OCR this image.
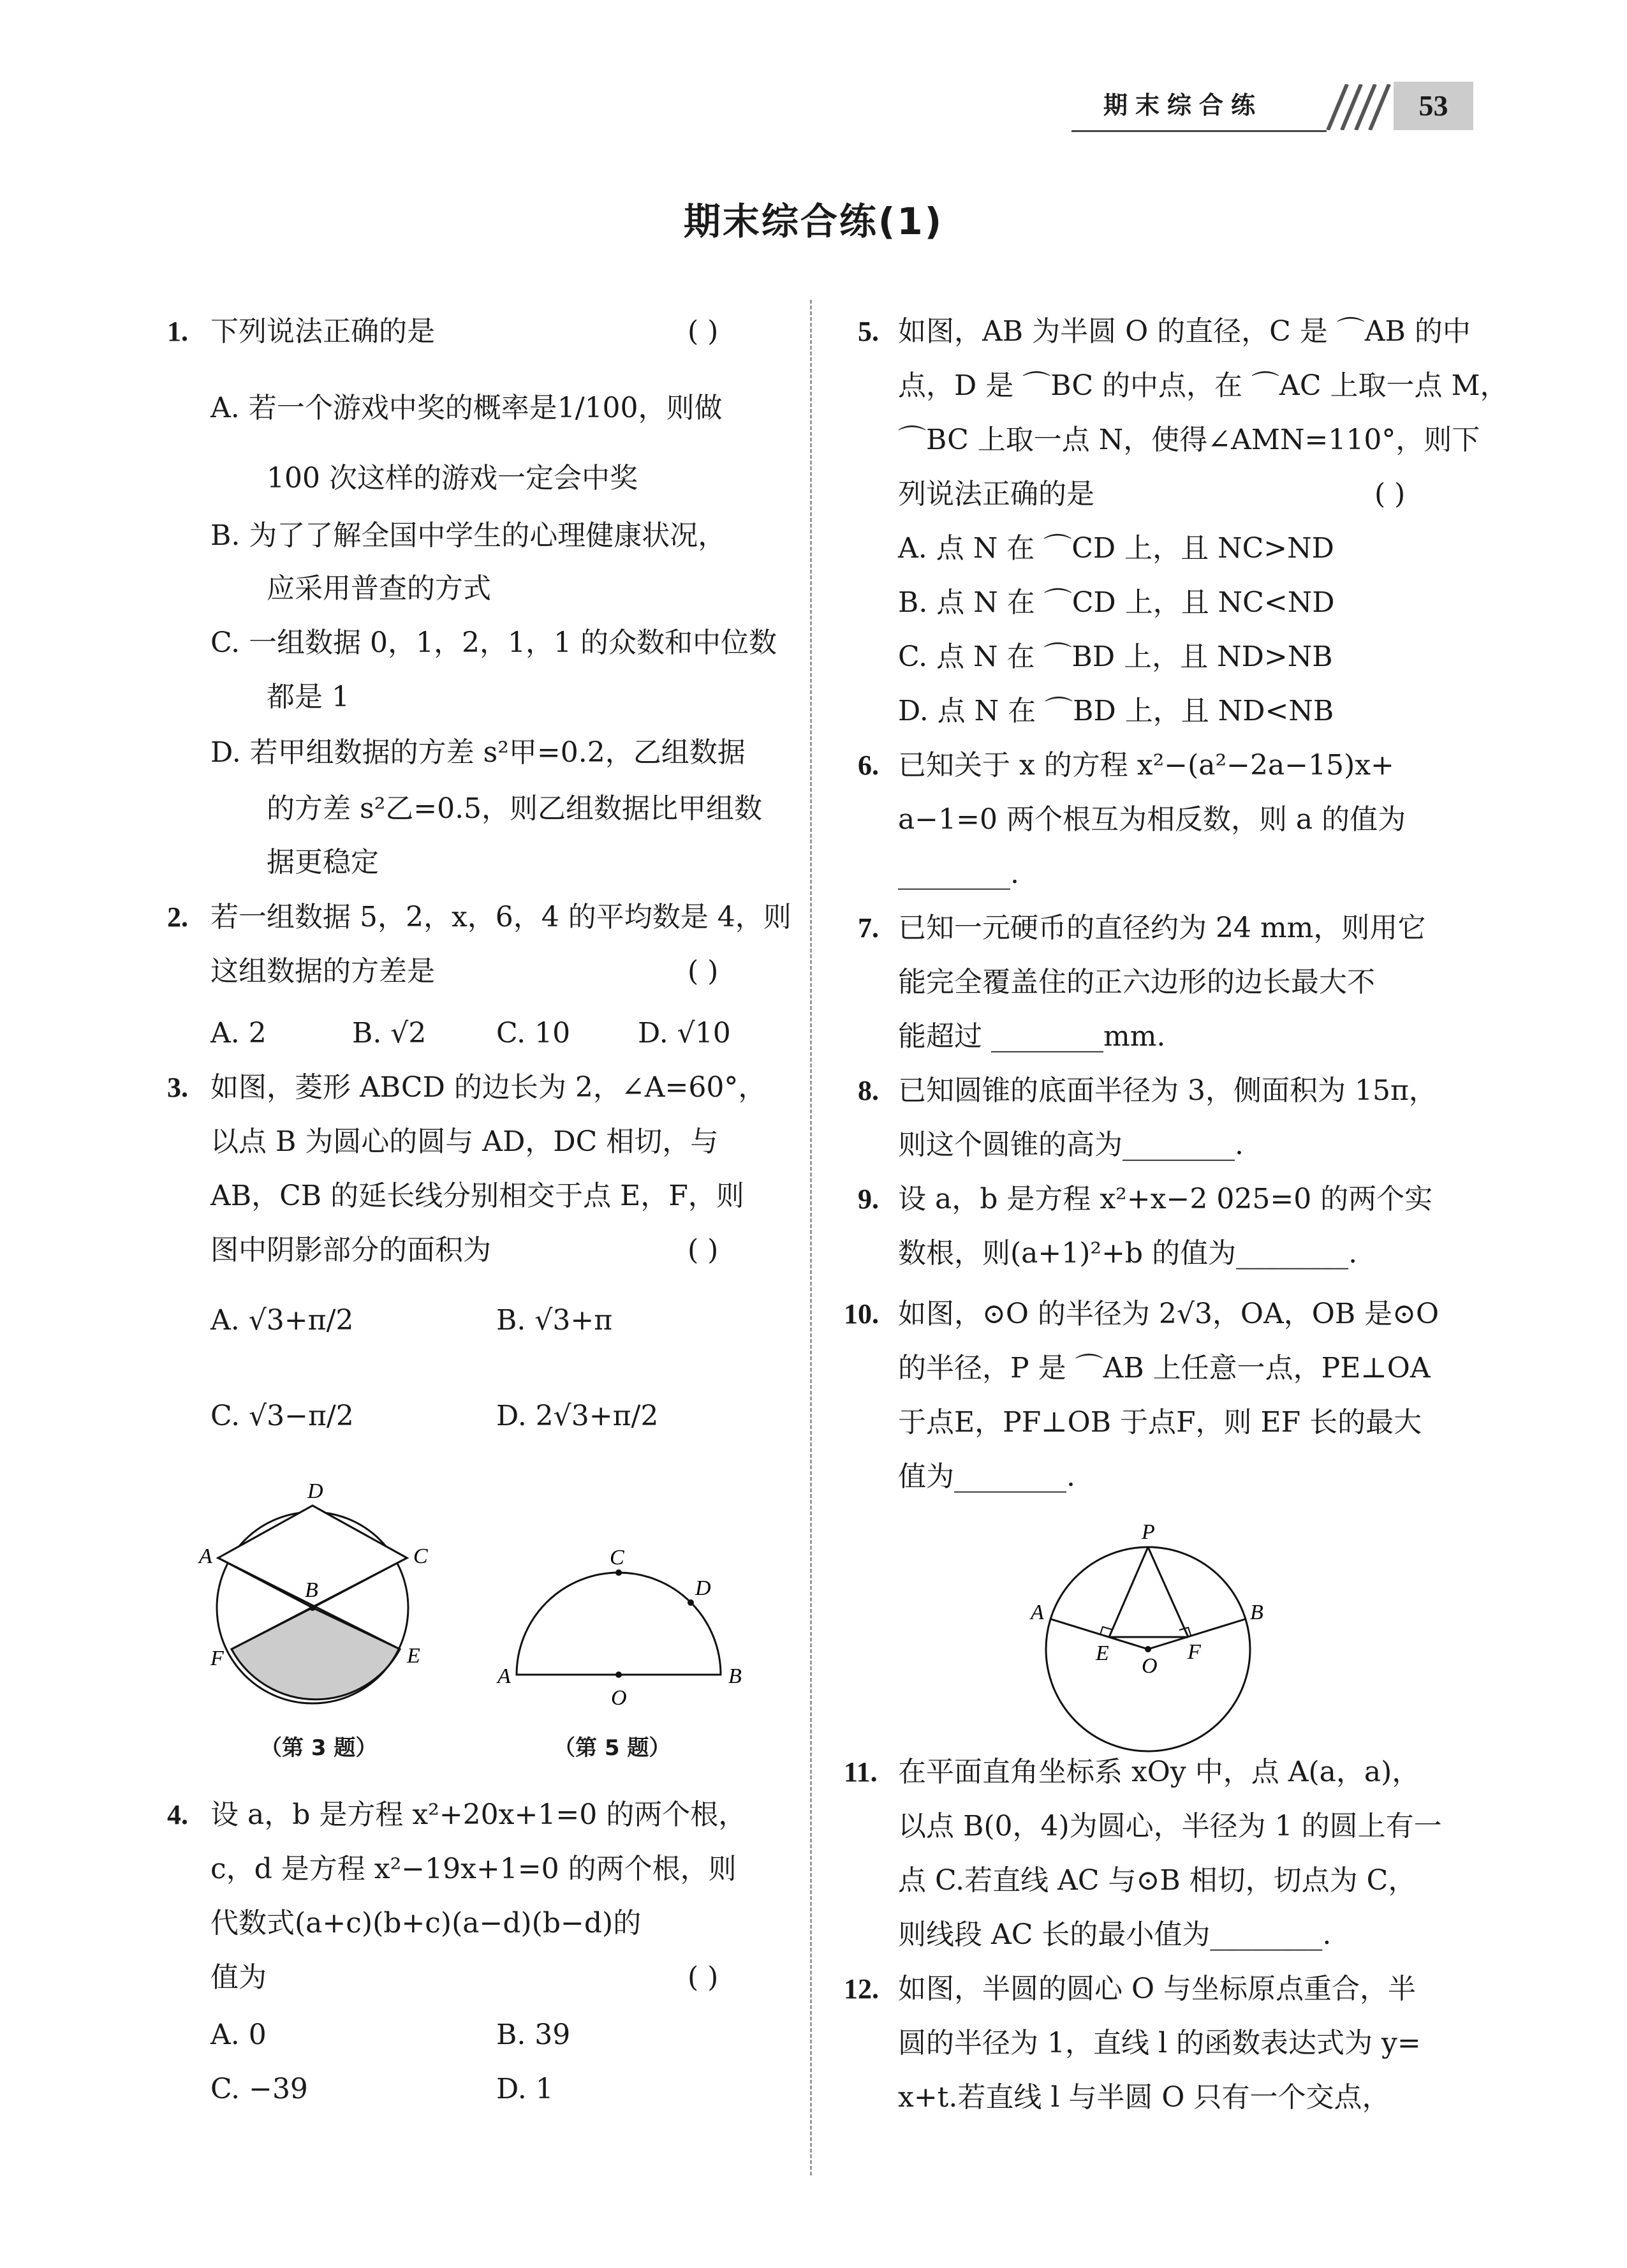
期末综合练	53
期末综合练(1)
1. 下列说法正确的是	( )
A. 若一个游戏中奖的概率是1/100，则做
100 次这样的游戏一定会中奖
B. 为了了解全国中学生的心理健康状况，
应采用普查的方式
C. 一组数据 0，1，2，1，1 的众数和中位数
都是 1
D. 若甲组数据的方差 s²甲=0.2，乙组数据
的方差 s²乙=0.5，则乙组数据比甲组数
据更稳定
2. 若一组数据 5，2，x，6，4 的平均数是 4，则
这组数据的方差是	( )
A. 2	B. √2 C. 10 D. √10
3. 如图，菱形 ABCD 的边长为 2，∠A=60°，
以点 B 为圆心的圆与 AD，DC 相切，与
AB，CB 的延长线分别相交于点 E，F，则
图中阴影部分的面积为	( )
A. √3+π/2	B. √3+π
C. √3−π/2	D. 2√3+π/2
D
A	C
B
F	E
（第 3 题）
A	B
O
C
D
（第 5 题）
4. 设 a，b 是方程 x²+20x+1=0 的两个根，
c，d 是方程 x²−19x+1=0 的两个根，则
代数式(a+c)(b+c)(a−d)(b−d)的
值为	( )
A. 0	B. 39
C. −39	D. 1
5. 如图，AB 为半圆 O 的直径，C 是 ⌒AB 的中
点，D 是 ⌒BC 的中点，在 ⌒AC 上取一点 M，
⌒BC 上取一点 N，使得∠AMN=110°，则下
列说法正确的是	( )
A. 点 N 在 ⌒CD 上，且 NC>ND
B. 点 N 在 ⌒CD 上，且 NC<ND
C. 点 N 在 ⌒BD 上，且 ND>NB
D. 点 N 在 ⌒BD 上，且 ND<NB
6. 已知关于 x 的方程 x²−(a²−2a−15)x+
a−1=0 两个根互为相反数，则 a 的值为
________.
7. 已知一元硬币的直径约为 24 mm，则用它
能完全覆盖住的正六边形的边长最大不
能超过 ________mm.
8. 已知圆锥的底面半径为 3，侧面积为 15π，
则这个圆锥的高为________.
9. 设 a，b 是方程 x²+x−2 025=0 的两个实
数根，则(a+1)²+b 的值为________.
10. 如图，⊙O 的半径为 2√3，OA，OB 是⊙O
的半径，P 是 ⌒AB 上任意一点，PE⊥OA
于点E，PF⊥OB 于点F，则 EF 长的最大
值为________.
P
A	B
E	F
O
11. 在平面直角坐标系 xOy 中，点 A(a，a)，
以点 B(0，4)为圆心，半径为 1 的圆上有一
点 C.若直线 AC 与⊙B 相切，切点为 C，
则线段 AC 长的最小值为________.
12. 如图，半圆的圆心 O 与坐标原点重合，半
圆的半径为 1，直线 l 的函数表达式为 y=
x+t.若直线 l 与半圆 O 只有一个交点，
